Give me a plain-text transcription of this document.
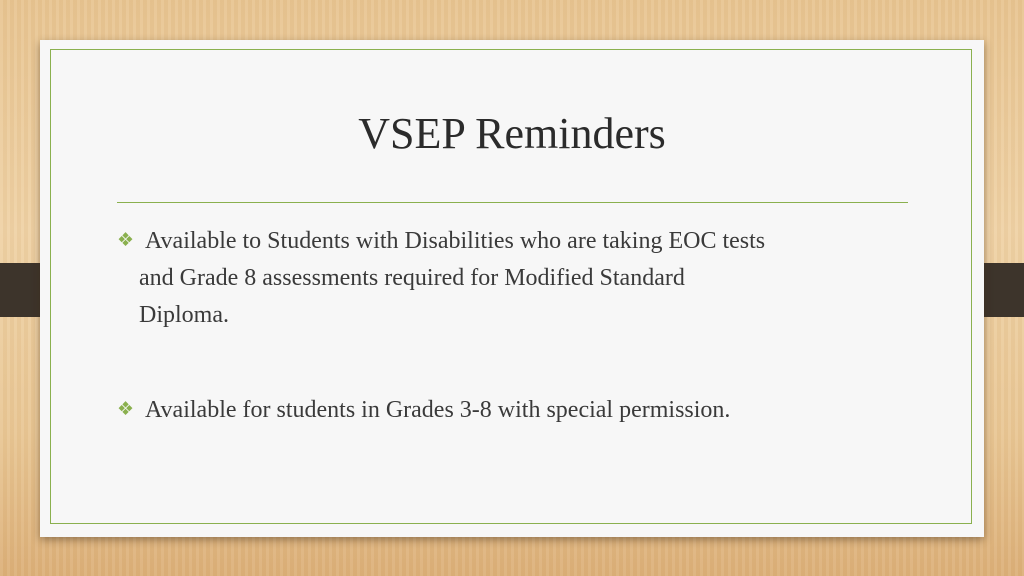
VSEP Reminders
❖ Available to Students with Disabilities who are taking EOC tests
and Grade 8 assessments required for Modified Standard
Diploma.
❖ Available for students in Grades 3-8 with special permission.
